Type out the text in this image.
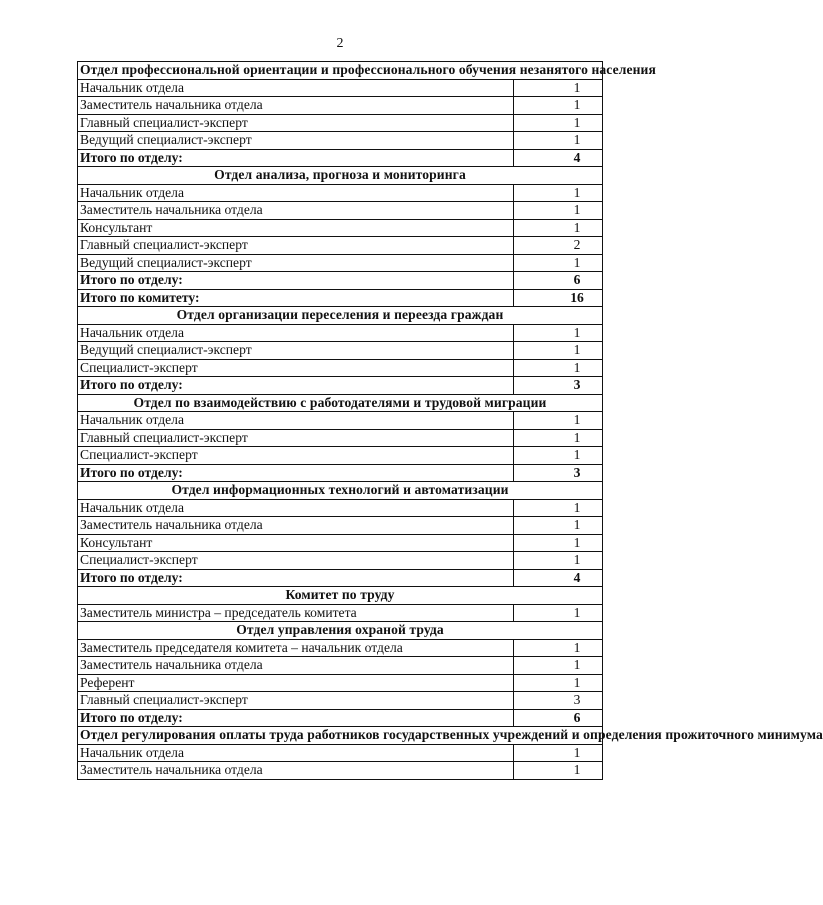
2
Отдел профессиональной ориентации и профессионального обучения незанятого населения	
Начальник отдела	1
Заместитель начальника отдела	1
Главный специалист-эксперт	1
Ведущий специалист-эксперт	1
Итого по отделу:	4
Отдел анализа, прогноза и мониторинга	
Начальник отдела	1
Заместитель начальника отдела	1
Консультант	1
Главный специалист-эксперт	2
Ведущий специалист-эксперт	1
Итого по отделу:	6
Итого по комитету:	16
Отдел организации переселения и переезда граждан	
Начальник отдела	1
Ведущий специалист-эксперт	1
Специалист-эксперт	1
Итого по отделу:	3
Отдел по взаимодействию с работодателями и трудовой миграции	
Начальник отдела	1
Главный специалист-эксперт	1
Специалист-эксперт	1
Итого по отделу:	3
Отдел информационных технологий и автоматизации	
Начальник отдела	1
Заместитель начальника отдела	1
Консультант	1
Специалист-эксперт	1
Итого по отделу:	4
Комитет по труду	
Заместитель министра – председатель комитета	1
Отдел управления охраной труда	
Заместитель председателя комитета – начальник отдела	1
Заместитель начальника отдела	1
Референт	1
Главный специалист-эксперт	3
Итого по отделу:	6
Отдел регулирования оплаты труда работников государственных учреждений и определения прожиточного минимума	
Начальник отдела	1
Заместитель начальника отдела	1
